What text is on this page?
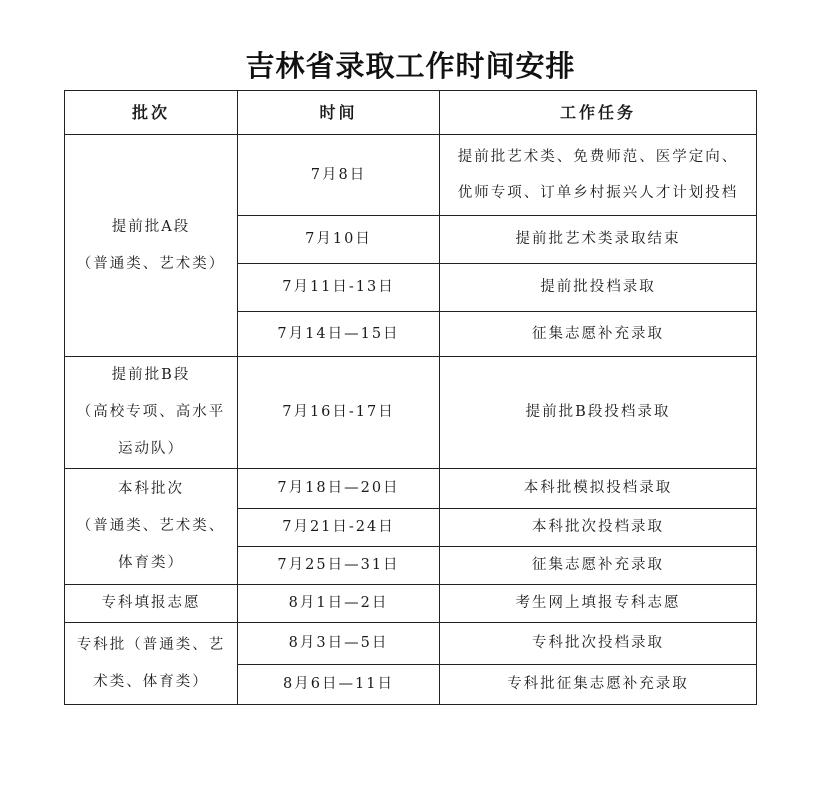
吉林省录取工作时间安排
批次	时间	工作任务

提前批A段
（普通类、艺术类）	7月8日	提前批艺术类、免费师范、医学定向、
优师专项、订单乡村振兴人才计划投档

	7月10日	提前批艺术类录取结束
	7月11日-13日	提前批投档录取
	7月14日—15日	征集志愿补充录取

提前批B段
（高校专项、高水平
运动队）	7月16日-17日	提前批B段投档录取

本科批次
（普通类、艺术类、
体育类）	7月18日—20日	本科批模拟投档录取
	7月21日-24日	本科批次投档录取
	7月25日—31日	征集志愿补充录取
专科填报志愿	8月1日—2日	考生网上填报专科志愿

专科批（普通类、艺
术类、体育类）	8月3日—5日	专科批次投档录取
	8月6日—11日	专科批征集志愿补充录取
